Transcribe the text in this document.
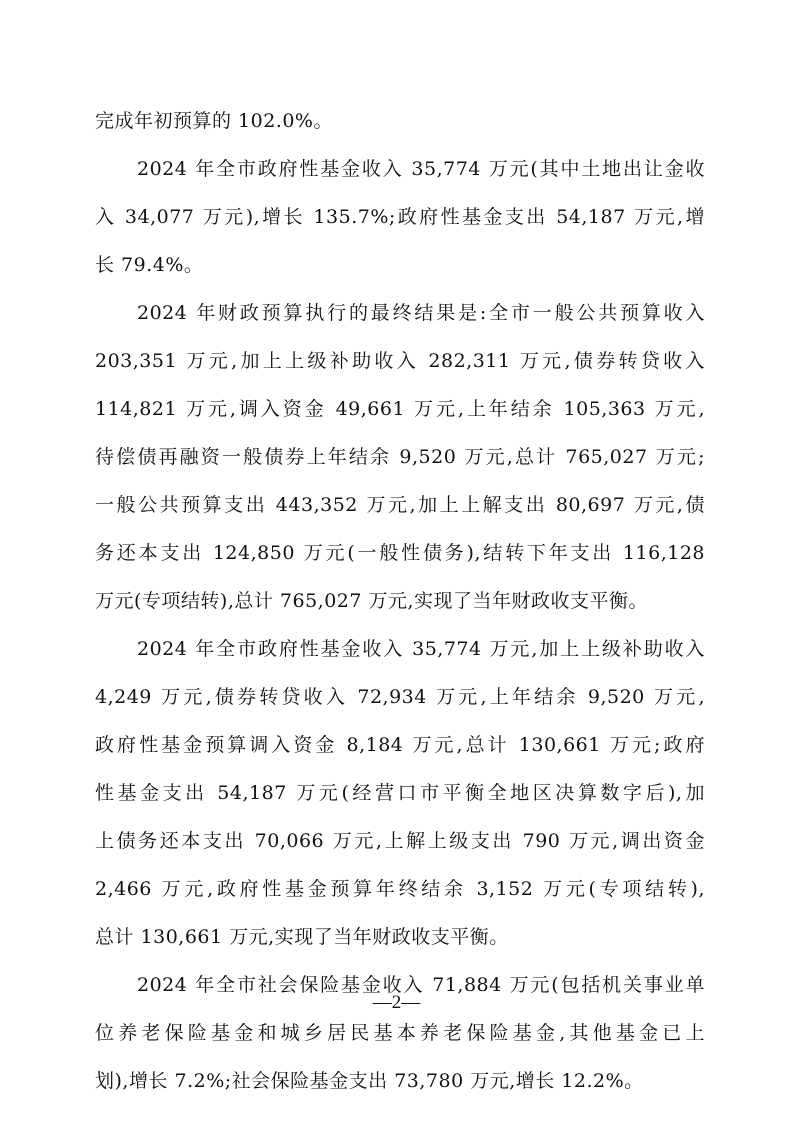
完成年初预算的 102.0%。
2024 年全市政府性基金收入 35,774 万元(其中土地出让金收
入 34,077 万元),增长 135.7%;政府性基金支出 54,187 万元,增
长 79.4%。
2024 年财政预算执行的最终结果是:全市一般公共预算收入
203,351 万元,加上上级补助收入 282,311 万元,债券转贷收入
114,821 万元,调入资金 49,661 万元,上年结余 105,363 万元,
待偿债再融资一般债券上年结余 9,520 万元,总计 765,027 万元;
一般公共预算支出 443,352 万元,加上上解支出 80,697 万元,债
务还本支出 124,850 万元(一般性债务),结转下年支出 116,128
万元(专项结转),总计 765,027 万元,实现了当年财政收支平衡。
2024 年全市政府性基金收入 35,774 万元,加上上级补助收入
4,249 万元,债券转贷收入 72,934 万元,上年结余 9,520 万元,
政府性基金预算调入资金 8,184 万元,总计 130,661 万元;政府
性基金支出 54,187 万元(经营口市平衡全地区决算数字后),加
上债务还本支出 70,066 万元,上解上级支出 790 万元,调出资金
2,466 万元,政府性基金预算年终结余 3,152 万元(专项结转),
总计 130,661 万元,实现了当年财政收支平衡。
2024 年全市社会保险基金收入 71,884 万元(包括机关事业单
位养老保险基金和城乡居民基本养老保险基金,其他基金已上
划),增长 7.2%;社会保险基金支出 73,780 万元,增长 12.2%。
—2—
